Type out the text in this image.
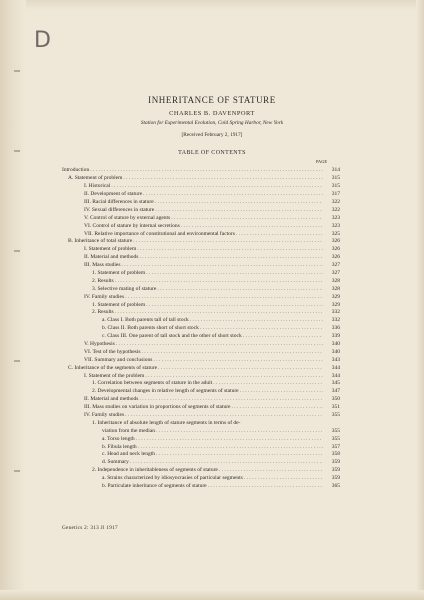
D
INHERITANCE OF STATURE
CHARLES B. DAVENPORT
Station for Experimental Evolution, Cold Spring Harbor, New York
[Received February 2, 1917]
TABLE OF CONTENTS
PAGE
Introduction . . .	314
A. Statement of problem . . .	315
I. Historical . . .	315
II. Development of stature . . .	317
III. Racial differences in stature . . .	322
IV. Sexual differences in stature . . .	322
V. Control of stature by external agents . . .	323
VI. Control of stature by internal secretions . . .	323
VII. Relative importance of constitutional and environmental factors . . .	325
B. Inheritance of total stature . . .	326
I. Statement of problem . . .	326
II. Material and methods . . .	326
III. Mass studies . . .	327
1. Statement of problem . . .	327
2. Results . . .	328
3. Selective mating of stature . . .	328
IV. Family studies . . .	329
1. Statement of problem . . .	329
2. Results . . .	332
a. Class I. Both parents tall of tall stock . . .	332
b. Class II. Both parents short of short stock . . .	336
c. Class III. One parent of tall stock and the other of short stock . . .	339
V. Hypothesis . . .	340
VI. Test of the hypothesis . . .	340
VII. Summary and conclusions . . .	343
C. Inheritance of the segments of stature . . .	344
I. Statement of the problem . . .	344
1. Correlation between segments of stature in the adult . . .	345
2. Developmental changes in relative length of segments of stature . . .	347
II. Material and methods . . .	350
III. Mass studies on variation in proportions of segments of stature . . .	351
IV. Family studies . . .	355
1. Inheritance of absolute length of stature segments in terms of de-
viation from the median . . .	355
a. Torso length . . .	355
b. Fibula length . . .	357
c. Head and neck length . . .	358
d. Summary . . .	359
2. Independence in inheritableness of segments of stature . . .	359
a. Strains characterized by idiosyncrasies of particular segments . . .	359
b. Particulate inheritance of segments of stature . . .	365
Genetics 2: 313 Jl 1917
